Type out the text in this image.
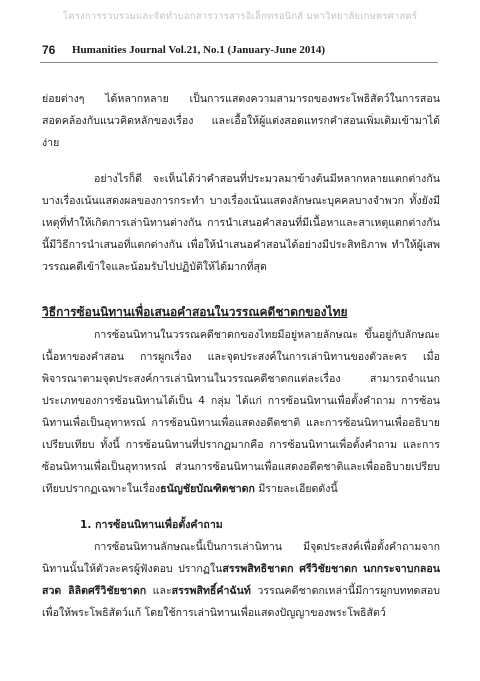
โครงการรวบรวมและจัดทำบอกสารวารสารอิเล็กทรอนิกส์ มหาวิทยาลัยเกษตรศาสตร์
76 Humanities Journal Vol.21, No.1 (January-June 2014)

ย่อยต่างๆ ได้หลากหลาย เป็นการแสดงความสามารถของพระโพธิสัตว์ในการสอน สอดคล้องกับแนวคิดหลักของเรื่อง และเอื้อให้ผู้แต่งสอดแทรกคำสอนเพิ่มเติมเข้ามาได้ง่าย

อย่างไรก็ดี จะเห็นได้ว่าคำสอนที่ประมวลมาข้างต้นมีหลากหลายแตกต่างกัน บางเรื่องเน้นแสดงผลของการกระทำ บางเรื่องเน้นแสดงลักษณะบุคคลบางจำพวก ทั้งยังมีเหตุที่ทำให้เกิดการเล่านิทานต่างกัน การนำเสนอคำสอนที่มีเนื้อหาและสาเหตุแตกต่างกันนี้มีวิธีการนำเสนอที่แตกต่างกัน เพื่อให้นำเสนอคำสอนได้อย่างมีประสิทธิภาพ ทำให้ผู้เสพวรรณคดีเข้าใจและน้อมรับไปปฏิบัติให้ได้มากที่สุด

วิธีการซ้อนนิทานเพื่อเสนอคำสอนในวรรณคดีชาดกของไทย

การซ้อนนิทานในวรรณคดีชาดกของไทยมีอยู่หลายลักษณะ ขึ้นอยู่กับลักษณะเนื้อหาของคำสอน การผูกเรื่อง และจุดประสงค์ในการเล่านิทานของตัวละคร เมื่อพิจารณาตามจุดประสงค์การเล่านิทานในวรรณคดีชาดกแต่ละเรื่อง สามารถจำแนกประเภทของการซ้อนนิทานได้เป็น 4 กลุ่ม ได้แก่ การซ้อนนิทานเพื่อตั้งคำถาม การซ้อนนิทานเพื่อเป็นอุทาหรณ์ การซ้อนนิทานเพื่อแสดงอดีตชาติ และการซ้อนนิทานเพื่ออธิบายเปรียบเทียบ ทั้งนี้ การซ้อนนิทานที่ปรากฏมากคือ การซ้อนนิทานเพื่อตั้งคำถาม และการซ้อนนิทานเพื่อเป็นอุทาหรณ์ ส่วนการซ้อนนิทานเพื่อแสดงอดีตชาติและเพื่ออธิบายเปรียบเทียบปรากฏเฉพาะในเรื่องธนัญชัยบัณฑิตชาดก มีรายละเอียดดังนี้

1. การซ้อนนิทานเพื่อตั้งคำถาม

การซ้อนนิทานลักษณะนี้เป็นการเล่านิทาน มีจุดประสงค์เพื่อตั้งคำถามจากนิทานนั้นให้ตัวละครผู้ฟังตอบ ปรากฏในสรรพสิทธิชาดก ศรีวิชัยชาดก นกกระจาบกลอนสวด ลิลิตศรีวิชัยชาดก และสรรพสิทธิ์คำฉันท์ วรรณคดีชาดกเหล่านี้มีการผูกบททดสอบเพื่อให้พระโพธิสัตว์แก้ โดยใช้การเล่านิทานเพื่อแสดงปัญญาของพระโพธิสัตว์
